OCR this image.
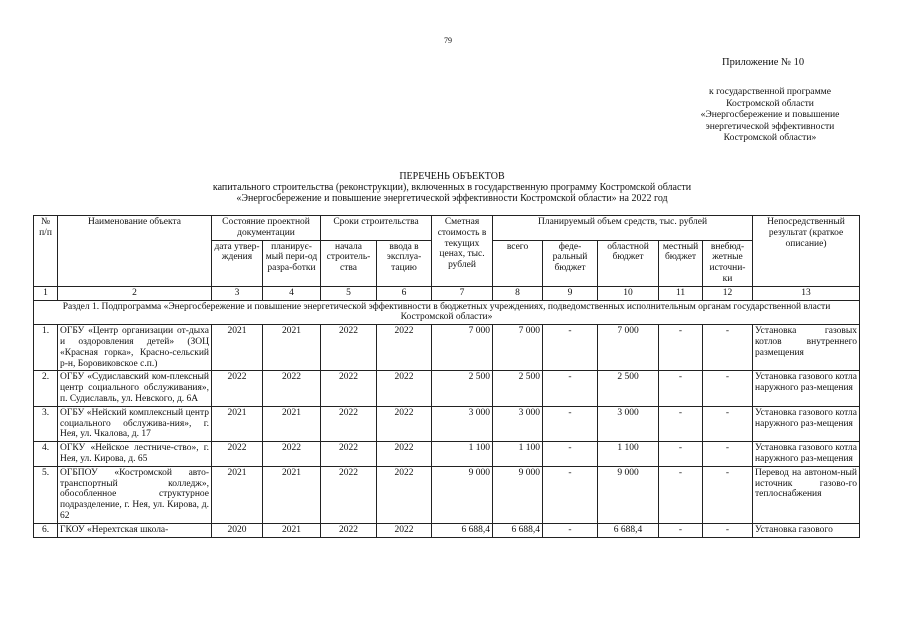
79
Приложение № 10
к государственной программе
Костромской области
«Энергосбережение и повышение
энергетической эффективности
Костромской области»
ПЕРЕЧЕНЬ ОБЪЕКТОВ
капитального строительства (реконструкции), включенных в государственную программу Костромской области
«Энергосбережение и повышение энергетической эффективности Костромской области» на 2022 год
№ п/п	Наименование объекта	Состояние проектной документации		Сроки строительства		Сметная стоимость в текущих ценах, тыс. рублей	Планируемый объем средств, тыс. рублей					Непосредственный результат (краткое описание)
		дата утвер-ждения	планирує-мый пери-од разра-ботки	начала строитель-ства	ввода в эксплуа-тацию		всего	феде-ральный бюджет	областной бюджет	местный бюджет	внебюд-жетные источни-ки	
1	2	3	4	5	6	7	8	9	10	11	12	13
Раздел 1. Подпрограмма «Энергосбережение и повышение энергетической эффективности в бюджетных учреждениях, подведомственных исполнительным органам государственной власти Костромской области»												
1.	ОГБУ «Центр организации от-дыха и оздоровления детей» (ЗОЦ «Красная горка», Красно-сельский р-н, Боровиковское с.п.)	2021	2021	2022	2022	7 000	7 000	-	7 000	-	-	Установка газовых котлов внутреннего размещения
2.	ОГБУ «Судиславский ком-плексный центр социального обслуживания», п. Судиславль, ул. Невского, д. 6А	2022	2022	2022	2022	2 500	2 500	-	2 500	-	-	Установка газового котла наружного раз-мещения
3.	ОГБУ «Нейский комплексный центр социального обслужива-ния», г. Нея, ул. Чкалова, д. 17	2021	2021	2022	2022	3 000	3 000	-	3 000	-	-	Установка газового котла наружного раз-мещения
4.	ОГКУ «Нейское лестниче-ство», г. Нея, ул. Кирова, д. 65	2022	2022	2022	2022	1 100	1 100	-	1 100	-	-	Установка газового котла наружного раз-мещения
5.	ОГБПОУ «Костромской авто-транспортный колледж», обособленное структурное подразделение, г. Нея, ул. Кирова, д. 62	2021	2021	2022	2022	9 000	9 000	-	9 000	-	-	Перевод на автоном-ный источник газово-го теплоснабжения
6.	ГКОУ «Нерехтская школа-	2020	2021	2022	2022	6 688,4	6 688,4	-	6 688,4	-	-	Установка газового
